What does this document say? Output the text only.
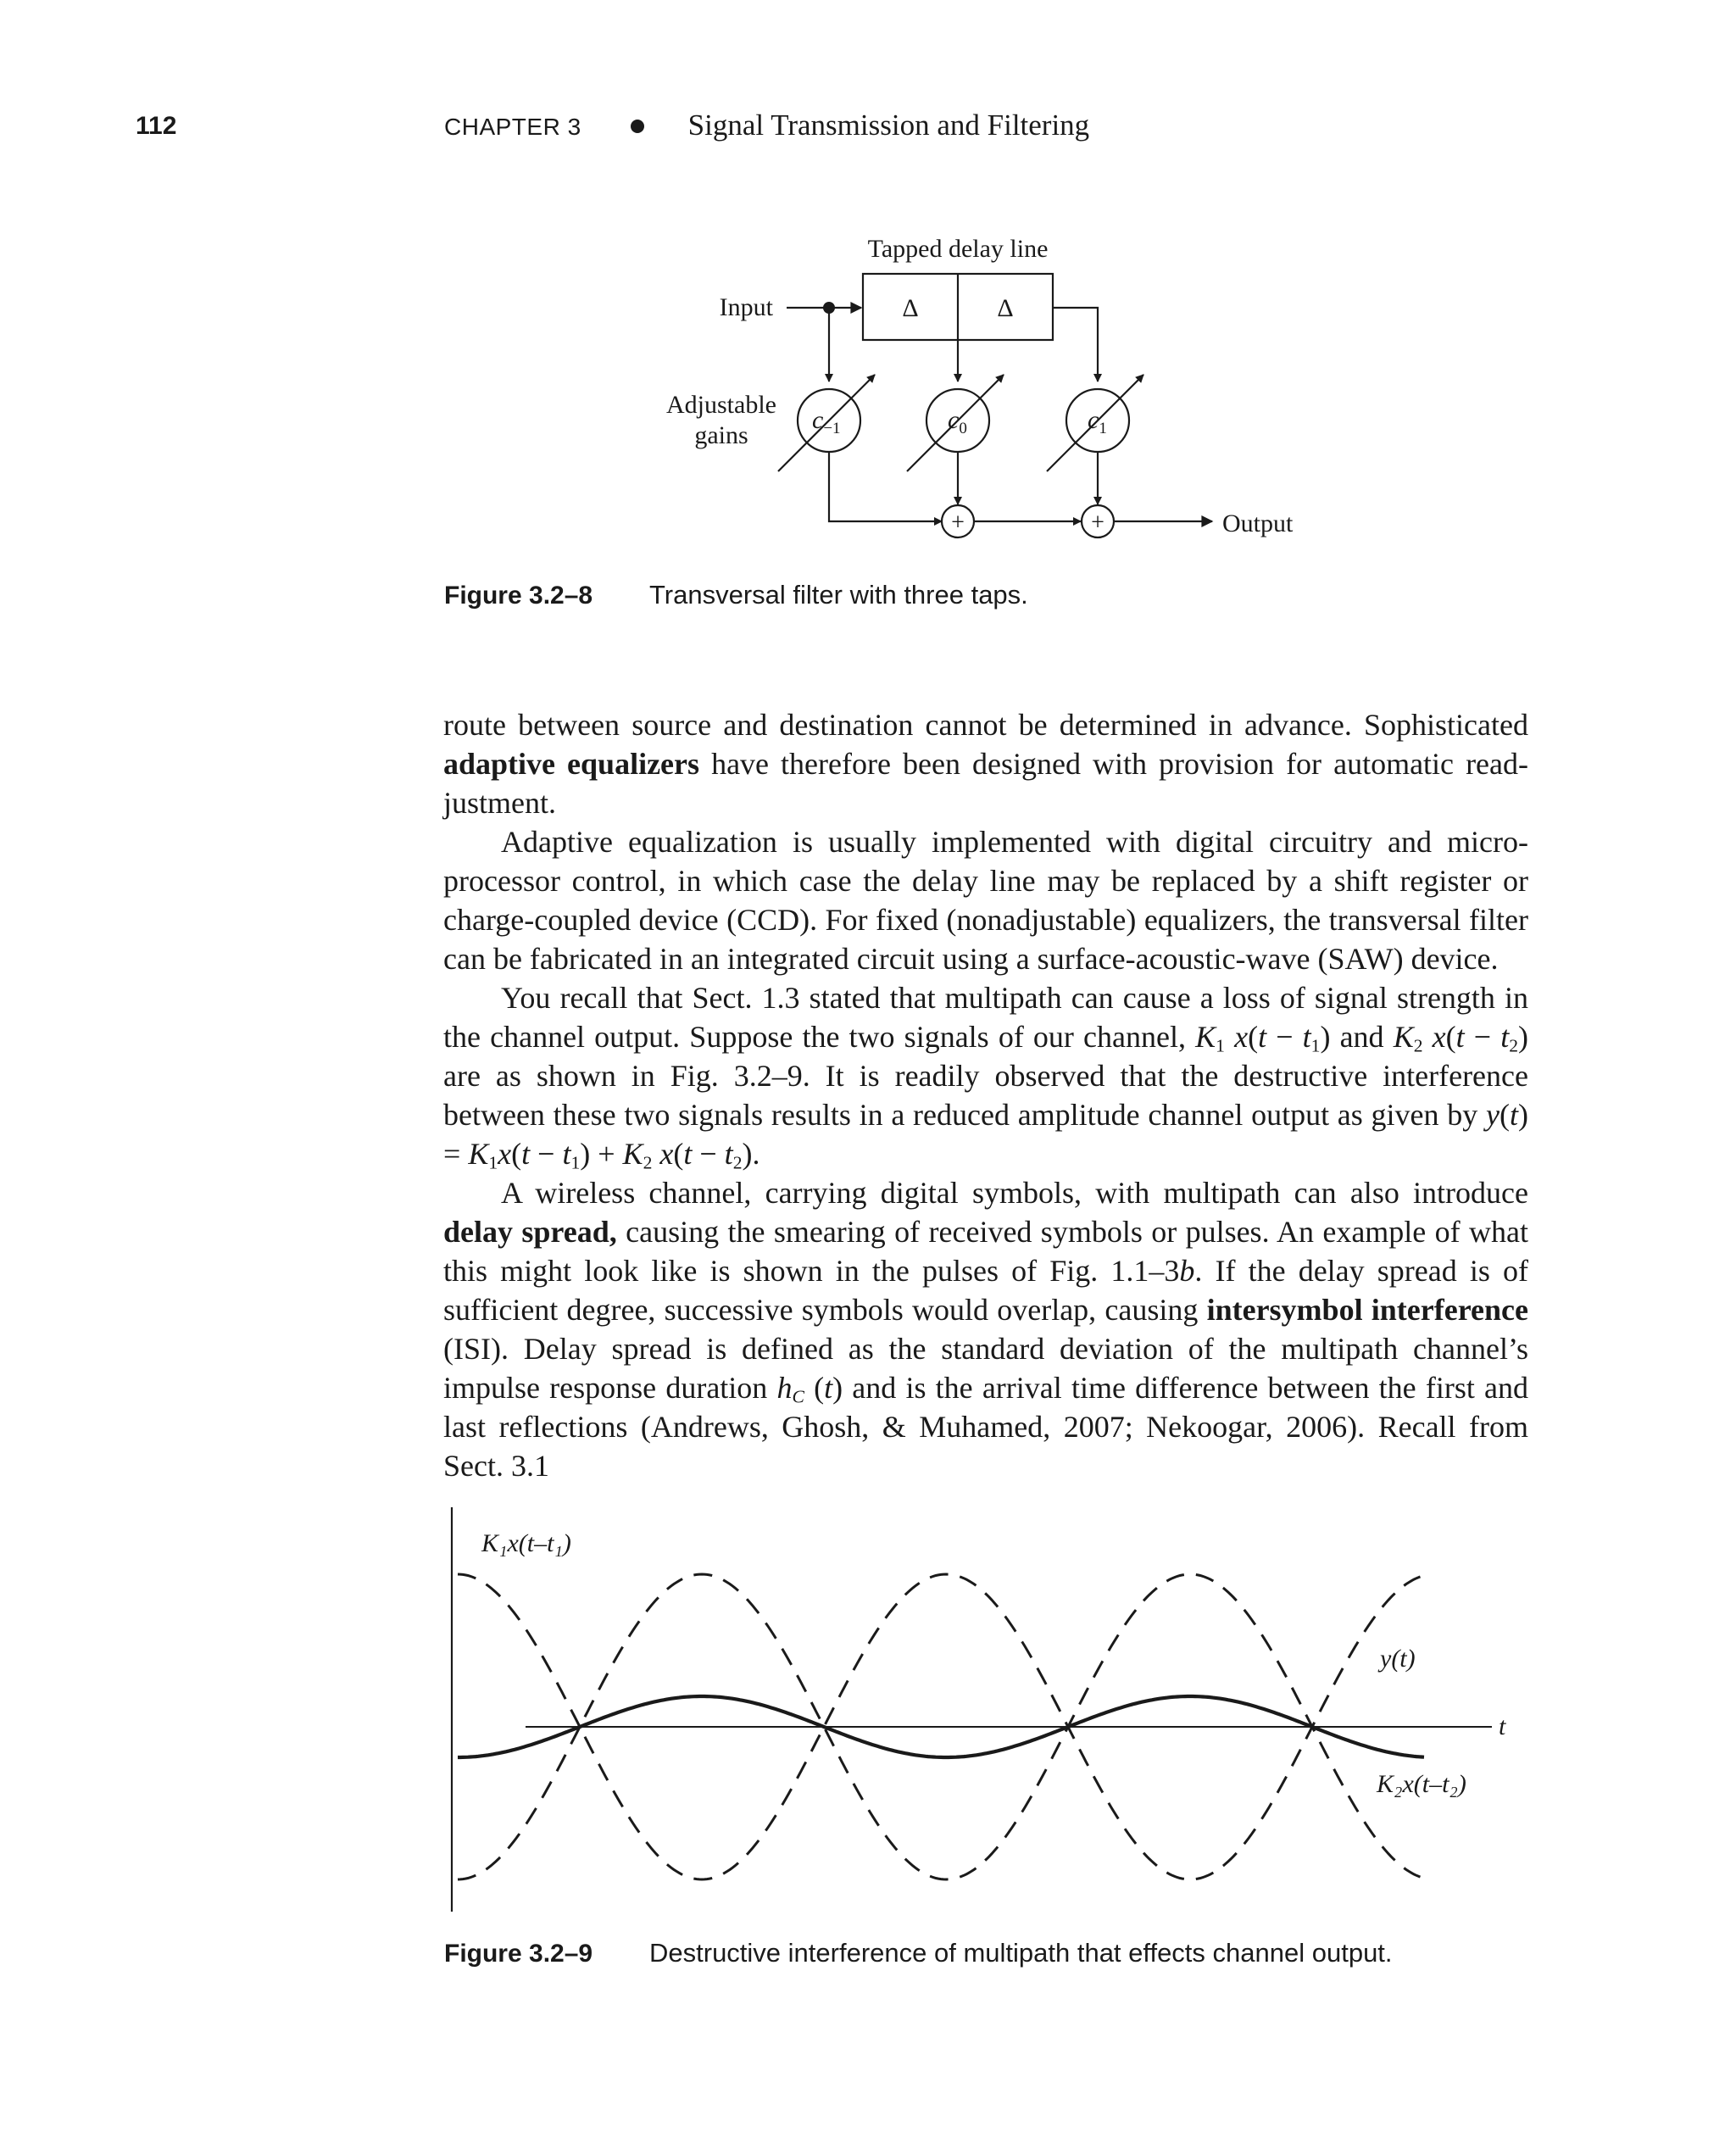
112	CHAPTER 3	Signal Transmission and Filtering
Tapped delay line
Input	Δ	Δ
Adjustable
gains
$c_{-1}$	$c_0$	$c_1$
+	+	Output
Figure 3.2–8 Transversal filter with three taps.

route between source and destination cannot be determined in advance. Sophisticated adaptive equalizers have therefore been designed with provision for automatic readjustment.

Adaptive equalization is usually implemented with digital circuitry and microprocessor control, in which case the delay line may be replaced by a shift register or charge-coupled device (CCD). For fixed (nonadjustable) equalizers, the transversal filter can be fabricated in an integrated circuit using a surface-acoustic-wave (SAW) device.

You recall that Sect. 1.3 stated that multipath can cause a loss of signal strength in the channel output. Suppose the two signals of our channel, $K_1$ $x(t - t_1)$ and $K_2$ $x(t - t_2)$ are as shown in Fig. 3.2–9. It is readily observed that the destructive interference between these two signals results in a reduced amplitude channel output as given by $y(t) = K_1x(t - t_1) + K_2$ $x(t - t_2)$.

A wireless channel, carrying digital symbols, with multipath can also introduce delay spread, causing the smearing of received symbols or pulses. An example of what this might look like is shown in the pulses of Fig. 1.1–3b. If the delay spread is of sufficient degree, successive symbols would overlap, causing intersymbol interference (ISI). Delay spread is defined as the standard deviation of the multipath channel’s impulse response duration $h_C$ (t) and is the arrival time difference between the first and last reflections (Andrews, Ghosh, & Muhamed, 2007; Nekoogar, 2006). Recall from Sect. 3.1

K₁x(t–t₁)
y(t)
t
K₂x(t–t₂)
Figure 3.2–9 Destructive interference of multipath that effects channel output.
